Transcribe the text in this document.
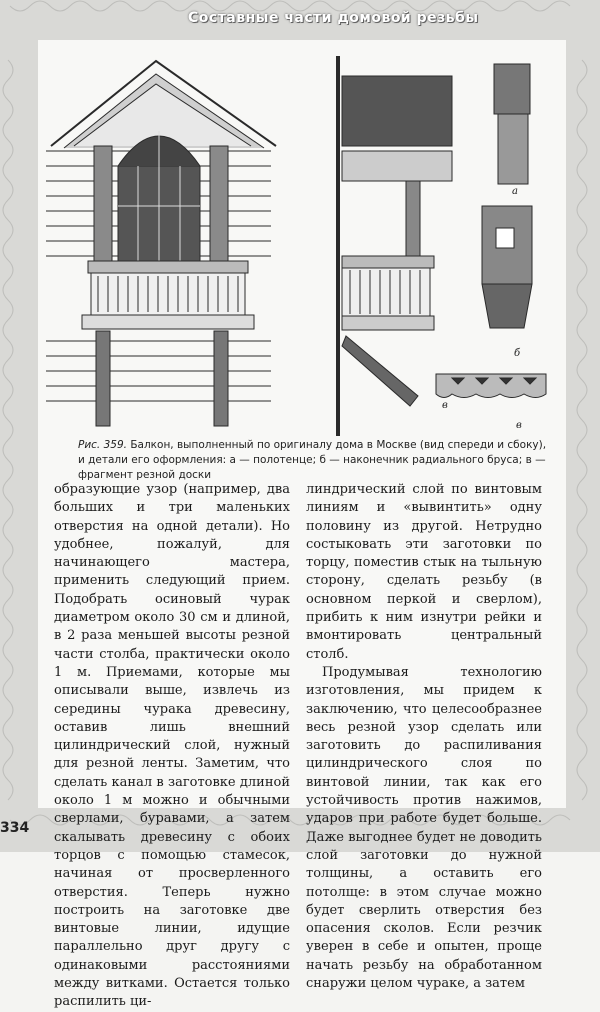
Составные части домовой резьбы
а
б
в
в
Рис. 359. Балкон, выполненный по оригиналу дома в Москве (вид спереди и сбоку),
и детали его оформления: а — полотенце; б — наконечник радиального бруса; в — фрагмент резной доски

образующие узор (например, два больших и три маленьких отверстия на одной детали). Но удобнее, пожалуй, для начинающего мастера, применить следующий прием. Подобрать осиновый чурак диаметром около 30 см и длиной, в 2 раза меньшей высоты резной части столба, практически около 1 м. Приемами, которые мы описывали выше, извлечь из середины чурака древесину, оставив лишь внешний цилиндрический слой, нужный для резной ленты. Заметим, что сделать канал в заготовке длиной около 1 м можно и обычными сверлами, буравами, а затем скалывать древесину с обоих торцов с помощью стамесок, начиная от просверленного отверстия. Теперь нужно построить на заготовке две винтовые линии, идущие параллельно друг другу с одинаковыми расстояниями между витками. Остается только распилить ци-

линдрический слой по винтовым линиям и «вывинтить» одну половину из другой. Нетрудно состыковать эти заготовки по торцу, поместив стык на тыльную сторону, сделать резьбу (в основном перкой и сверлом), прибить к ним изнутри рейки и вмонтировать центральный столб.

Продумывая технологию изготовления, мы придем к заключению, что целесообразнее весь резной узор сделать или заготовить до распиливания цилиндрического слоя по винтовой линии, так как его устойчивость против нажимов, ударов при работе будет больше. Даже выгоднее будет не доводить слой заготовки до нужной толщины, а оставить его потолще: в этом случае можно будет сверлить отверстия без опасения сколов. Если резчик уверен в себе и опытен, проще начать резьбу на обработанном снаружи целом чураке, а затем

334
